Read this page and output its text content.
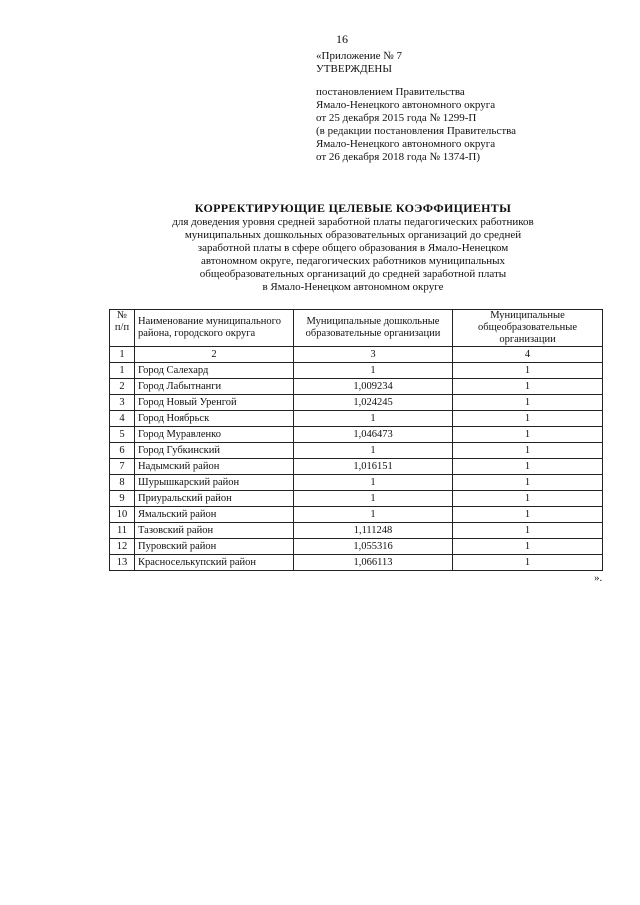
16
«Приложение № 7
УТВЕРЖДЕНЫ
постановлением Правительства
Ямало-Ненецкого автономного округа
от 25 декабря 2015 года № 1299-П
(в редакции постановления Правительства
Ямало-Ненецкого автономного округа
от 26 декабря 2018 года № 1374-П)
КОРРЕКТИРУЮЩИЕ ЦЕЛЕВЫЕ КОЭФФИЦИЕНТЫ
для доведения уровня средней заработной платы педагогических работников
муниципальных дошкольных образовательных организаций до средней
заработной платы в сфере общего образования в Ямало-Ненецком
автономном округе, педагогических работников муниципальных
общеобразовательных организаций до средней заработной платы
в Ямало-Ненецком автономном округе
№ п/п	Наименование муниципального района, городского округа	Муниципальные дошкольные образовательные организации	Муниципальные общеобразовательные организации
1	2	3	4
1	Город Салехард	1	1
2	Город Лабытнанги	1,009234	1
3	Город Новый Уренгой	1,024245	1
4	Город Ноябрьск	1	1
5	Город Муравленко	1,046473	1
6	Город Губкинский	1	1
7	Надымский район	1,016151	1
8	Шурышкарский район	1	1
9	Приуральский район	1	1
10	Ямальский район	1	1
11	Тазовский район	1,111248	1
12	Пуровский район	1,055316	1
13	Красноселькупский район	1,066113	1
».
